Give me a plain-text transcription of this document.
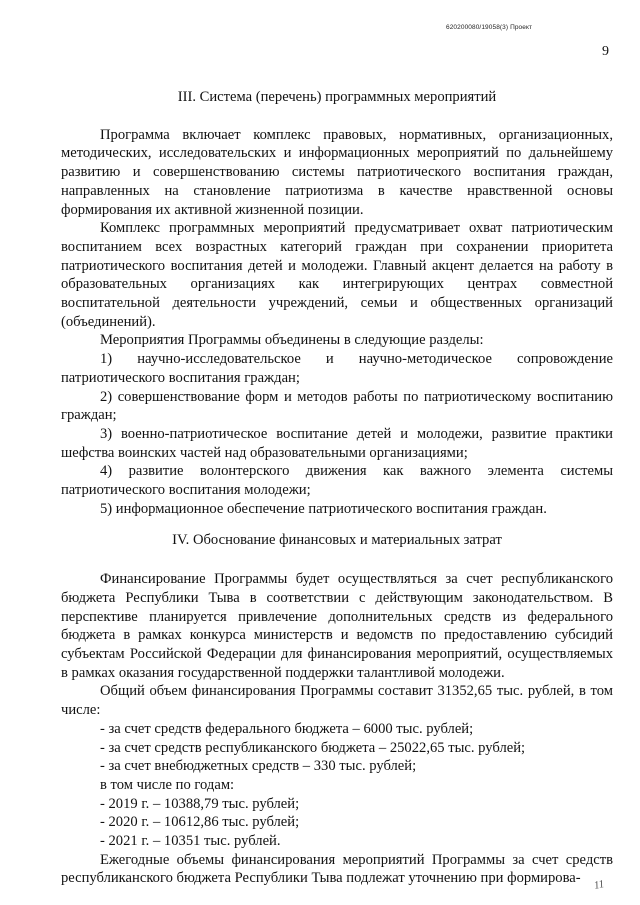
620200080/19058(3) Проект
9

III. Система (перечень) программных мероприятий

Программа включает комплекс правовых, нормативных, организационных, методических, исследовательских и информационных мероприятий по дальнейшему развитию и совершенствованию системы патриотического воспитания граждан, направленных на становление патриотизма в качестве нравственной основы формирования их активной жизненной позиции.

Комплекс программных мероприятий предусматривает охват патриотическим воспитанием всех возрастных категорий граждан при сохранении приоритета патриотического воспитания детей и молодежи. Главный акцент делается на работу в образовательных организациях как интегрирующих центрах совместной воспитательной деятельности учреждений, семьи и общественных организаций (объединений).

Мероприятия Программы объединены в следующие разделы:

1) научно-исследовательское и научно-методическое сопровождение патриотического воспитания граждан;

2) совершенствование форм и методов работы по патриотическому воспитанию граждан;

3) военно-патриотическое воспитание детей и молодежи, развитие практики шефства воинских частей над образовательными организациями;

4) развитие волонтерского движения как важного элемента системы патриотического воспитания молодежи;

5) информационное обеспечение патриотического воспитания граждан.

IV. Обоснование финансовых и материальных затрат

Финансирование Программы будет осуществляться за счет республиканского бюджета Республики Тыва в соответствии с действующим законодательством. В перспективе планируется привлечение дополнительных средств из федерального бюджета в рамках конкурса министерств и ведомств по предоставлению субсидий субъектам Российской Федерации для финансирования мероприятий, осуществляемых в рамках оказания государственной поддержки талантливой молодежи.

Общий объем финансирования Программы составит 31352,65 тыс. рублей, в том числе:

- за счет средств федерального бюджета – 6000 тыс. рублей;

- за счет средств республиканского бюджета – 25022,65 тыс. рублей;

- за счет внебюджетных средств – 330 тыс. рублей;

в том числе по годам:

- 2019 г. – 10388,79 тыс. рублей;

- 2020 г. – 10612,86 тыс. рублей;

- 2021 г. – 10351 тыс. рублей.

Ежегодные объемы финансирования мероприятий Программы за счет средств республиканского бюджета Республики Тыва подлежат уточнению при формирова-	11
